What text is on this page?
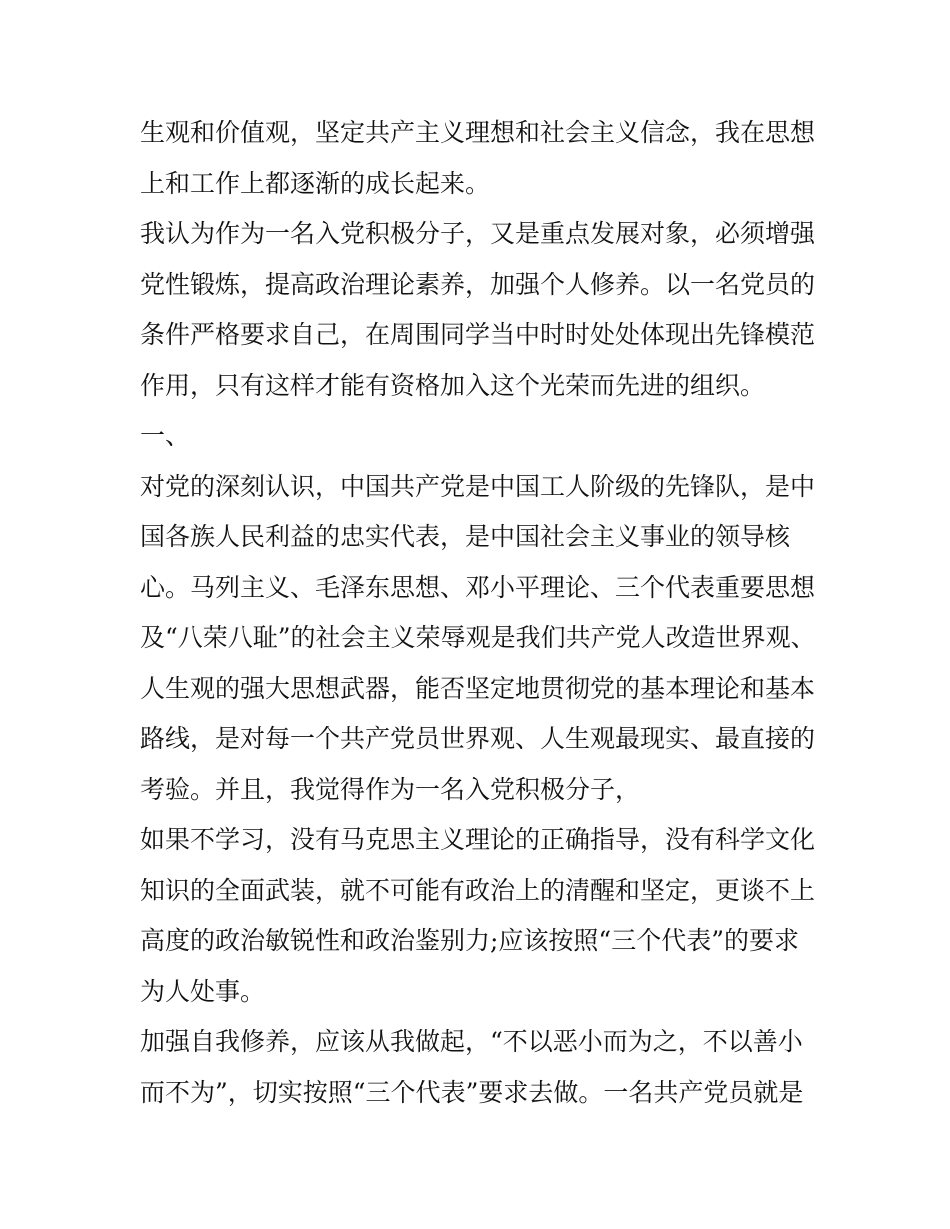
生观和价值观，坚定共产主义理想和社会主义信念，我在思想
上和工作上都逐渐的成长起来。
我认为作为一名入党积极分子，又是重点发展对象，必须增强
党性锻炼，提高政治理论素养，加强个人修养。以一名党员的
条件严格要求自己，在周围同学当中时时处处体现出先锋模范
作用，只有这样才能有资格加入这个光荣而先进的组织。
一、
对党的深刻认识，中国共产党是中国工人阶级的先锋队，是中
国各族人民利益的忠实代表，是中国社会主义事业的领导核
心。马列主义、毛泽东思想、邓小平理论、三个代表重要思想
及“八荣八耻”的社会主义荣辱观是我们共产党人改造世界观、
人生观的强大思想武器，能否坚定地贯彻党的基本理论和基本
路线，是对每一个共产党员世界观、人生观最现实、最直接的
考验。并且，我觉得作为一名入党积极分子，
如果不学习，没有马克思主义理论的正确指导，没有科学文化
知识的全面武装，就不可能有政治上的清醒和坚定，更谈不上
高度的政治敏锐性和政治鉴别力;应该按照“三个代表”的要求
为人处事。
加强自我修养，应该从我做起，“不以恶小而为之，不以善小
而不为”，切实按照“三个代表”要求去做。一名共产党员就是
